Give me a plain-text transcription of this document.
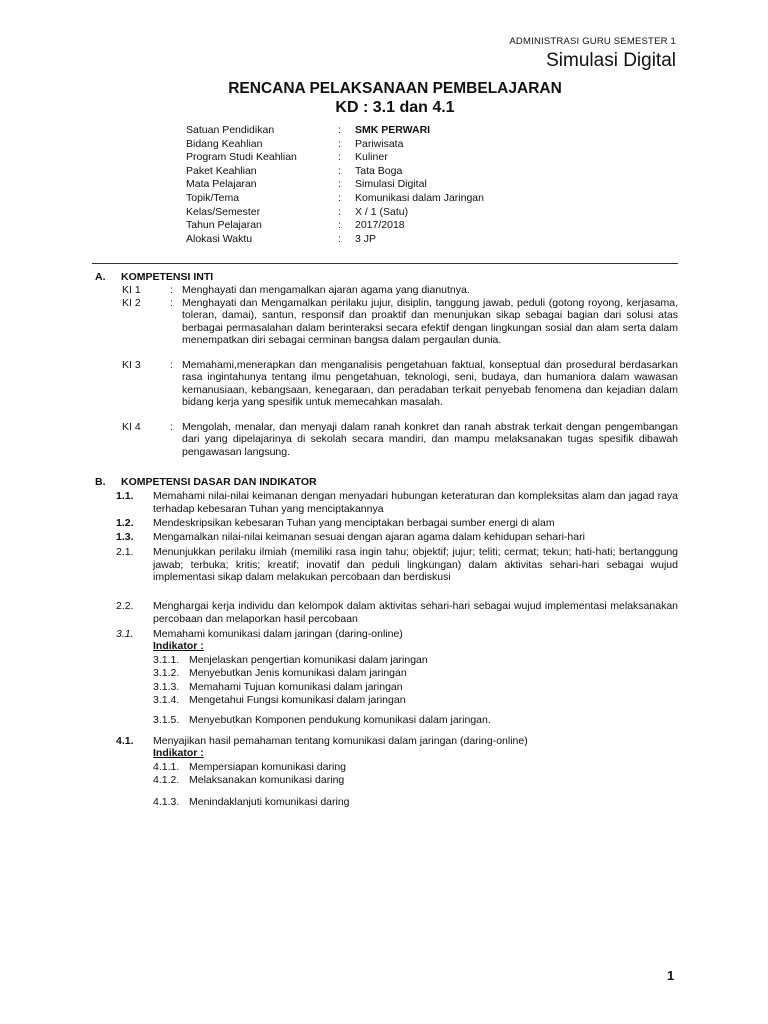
ADMINISTRASI GURU SEMESTER 1
Simulasi Digital
RENCANA PELAKSANAAN PEMBELAJARAN
KD : 3.1 dan 4.1
Satuan Pendidikan	:	SMK PERWARI
Bidang Keahlian	:	Pariwisata
Program Studi Keahlian	:	Kuliner
Paket Keahlian	:	Tata Boga
Mata Pelajaran	:	Simulasi Digital
Topik/Tema	:	Komunikasi dalam Jaringan
Kelas/Semester	:	X / 1 (Satu)
Tahun Pelajaran	:	2017/2018
Alokasi Waktu	:	3 JP
A. KOMPETENSI INTI
KI 1	: Menghayati dan mengamalkan ajaran agama yang dianutnya.
KI 2	: Menghayati dan Mengamalkan perilaku jujur, disiplin, tanggung jawab, peduli (gotong royong, kerjasama, toleran, damai), santun, responsif dan proaktif dan menunjukan sikap sebagai bagian dari solusi atas berbagai permasalahan dalam berinteraksi secara efektif dengan lingkungan sosial dan alam serta dalam menempatkan diri sebagai cerminan bangsa dalam pergaulan dunia.
KI 3	: Memahami,menerapkan dan menganalisis pengetahuan faktual, konseptual dan prosedural berdasarkan rasa ingintahunya tentang ilmu pengetahuan, teknologi, seni, budaya, dan humaniora dalam wawasan kemanusiaan, kebangsaan, kenegaraan, dan peradaban terkait penyebab fenomena dan kejadian dalam bidang kerja yang spesifik untuk memecahkan masalah.
KI 4	: Mengolah, menalar, dan menyaji dalam ranah konkret dan ranah abstrak terkait dengan pengembangan dari yang dipelajarinya di sekolah secara mandiri, dan mampu melaksanakan tugas spesifik dibawah pengawasan langsung.
B. KOMPETENSI DASAR DAN INDIKATOR
1.1.	Memahami nilai-nilai keimanan dengan menyadari hubungan keteraturan dan kompleksitas alam dan jagad raya terhadap kebesaran Tuhan yang menciptakannya
1.2.	Mendeskripsikan kebesaran Tuhan yang menciptakan berbagai sumber energi di alam
1.3.	Mengamalkan nilai-nilai keimanan sesuai dengan ajaran agama dalam kehidupan sehari-hari
2.1.	Menunjukkan perilaku ilmiah (memiliki rasa ingin tahu; objektif; jujur; teliti; cermat; tekun; hati-hati; bertanggung jawab; terbuka; kritis; kreatif; inovatif dan peduli lingkungan) dalam aktivitas sehari-hari sebagai wujud implementasi sikap dalam melakukan percobaan dan berdiskusi
2.2.	Menghargai kerja individu dan kelompok dalam aktivitas sehari-hari sebagai wujud implementasi melaksanakan percobaan dan melaporkan hasil percobaan
3.1.	Memahami komunikasi dalam jaringan (daring-online)
Indikator :
3.1.1. Menjelaskan pengertian komunikasi dalam jaringan
3.1.2. Menyebutkan Jenis komunikasi dalam jaringan
3.1.3. Memahami Tujuan komunikasi dalam jaringan
3.1.4. Mengetahui Fungsi komunikasi dalam jaringan
3.1.5. Menyebutkan Komponen pendukung komunikasi dalam jaringan.
4.1.	Menyajikan hasil pemahaman tentang komunikasi dalam jaringan (daring-online)
Indikator :
4.1.1. Mempersiapan komunikasi daring
4.1.2. Melaksanakan komunikasi daring
4.1.3. Menindaklanjuti komunikasi daring
1
